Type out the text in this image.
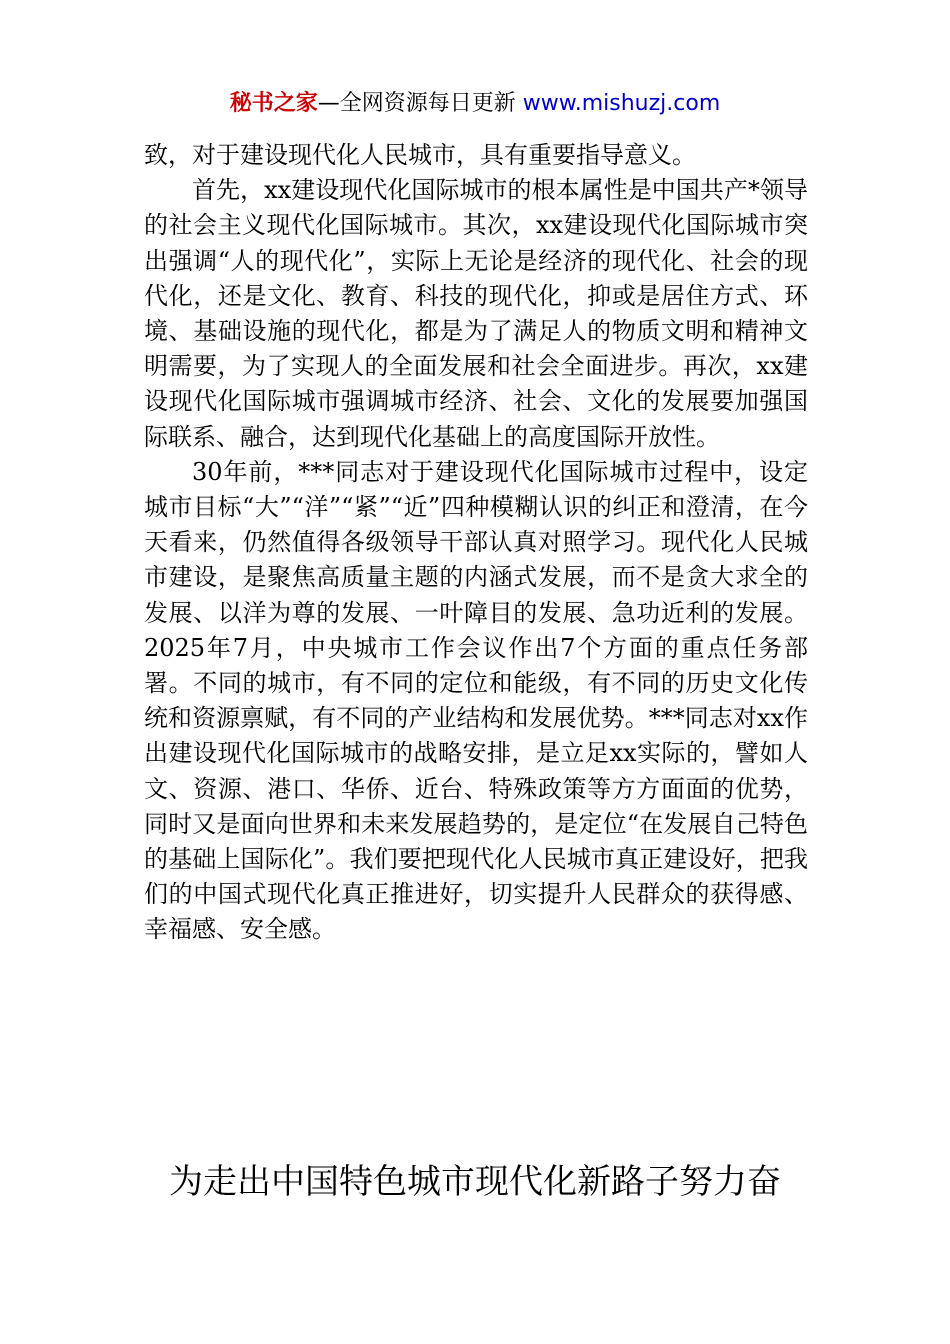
秘书之家—全网资源每日更新 www.mishuzj.com

致，对于建设现代化人民城市，具有重要指导意义。

首先，xx建设现代化国际城市的根本属性是中国共产*领导的社会主义现代化国际城市。其次，xx建设现代化国际城市突出强调“人的现代化”，实际上无论是经济的现代化、社会的现代化，还是文化、教育、科技的现代化，抑或是居住方式、环境、基础设施的现代化，都是为了满足人的物质文明和精神文明需要，为了实现人的全面发展和社会全面进步。再次，xx建设现代化国际城市强调城市经济、社会、文化的发展要加强国际联系、融合，达到现代化基础上的高度国际开放性。

30年前，***同志对于建设现代化国际城市过程中，设定城市目标“大”“洋”“紧”“近”四种模糊认识的纠正和澄清，在今天看来，仍然值得各级领导干部认真对照学习。现代化人民城市建设，是聚焦高质量主题的内涵式发展，而不是贪大求全的发展、以洋为尊的发展、一叶障目的发展、急功近利的发展。2025年7月，中央城市工作会议作出7个方面的重点任务部署。不同的城市，有不同的定位和能级，有不同的历史文化传统和资源禀赋，有不同的产业结构和发展优势。***同志对xx作出建设现代化国际城市的战略安排，是立足xx实际的，譬如人文、资源、港口、华侨、近台、特殊政策等方方面面的优势，同时又是面向世界和未来发展趋势的，是定位“在发展自己特色的基础上国际化”。我们要把现代化人民城市真正建设好，把我们的中国式现代化真正推进好，切实提升人民群众的获得感、幸福感、安全感。

为走出中国特色城市现代化新路子努力奋
